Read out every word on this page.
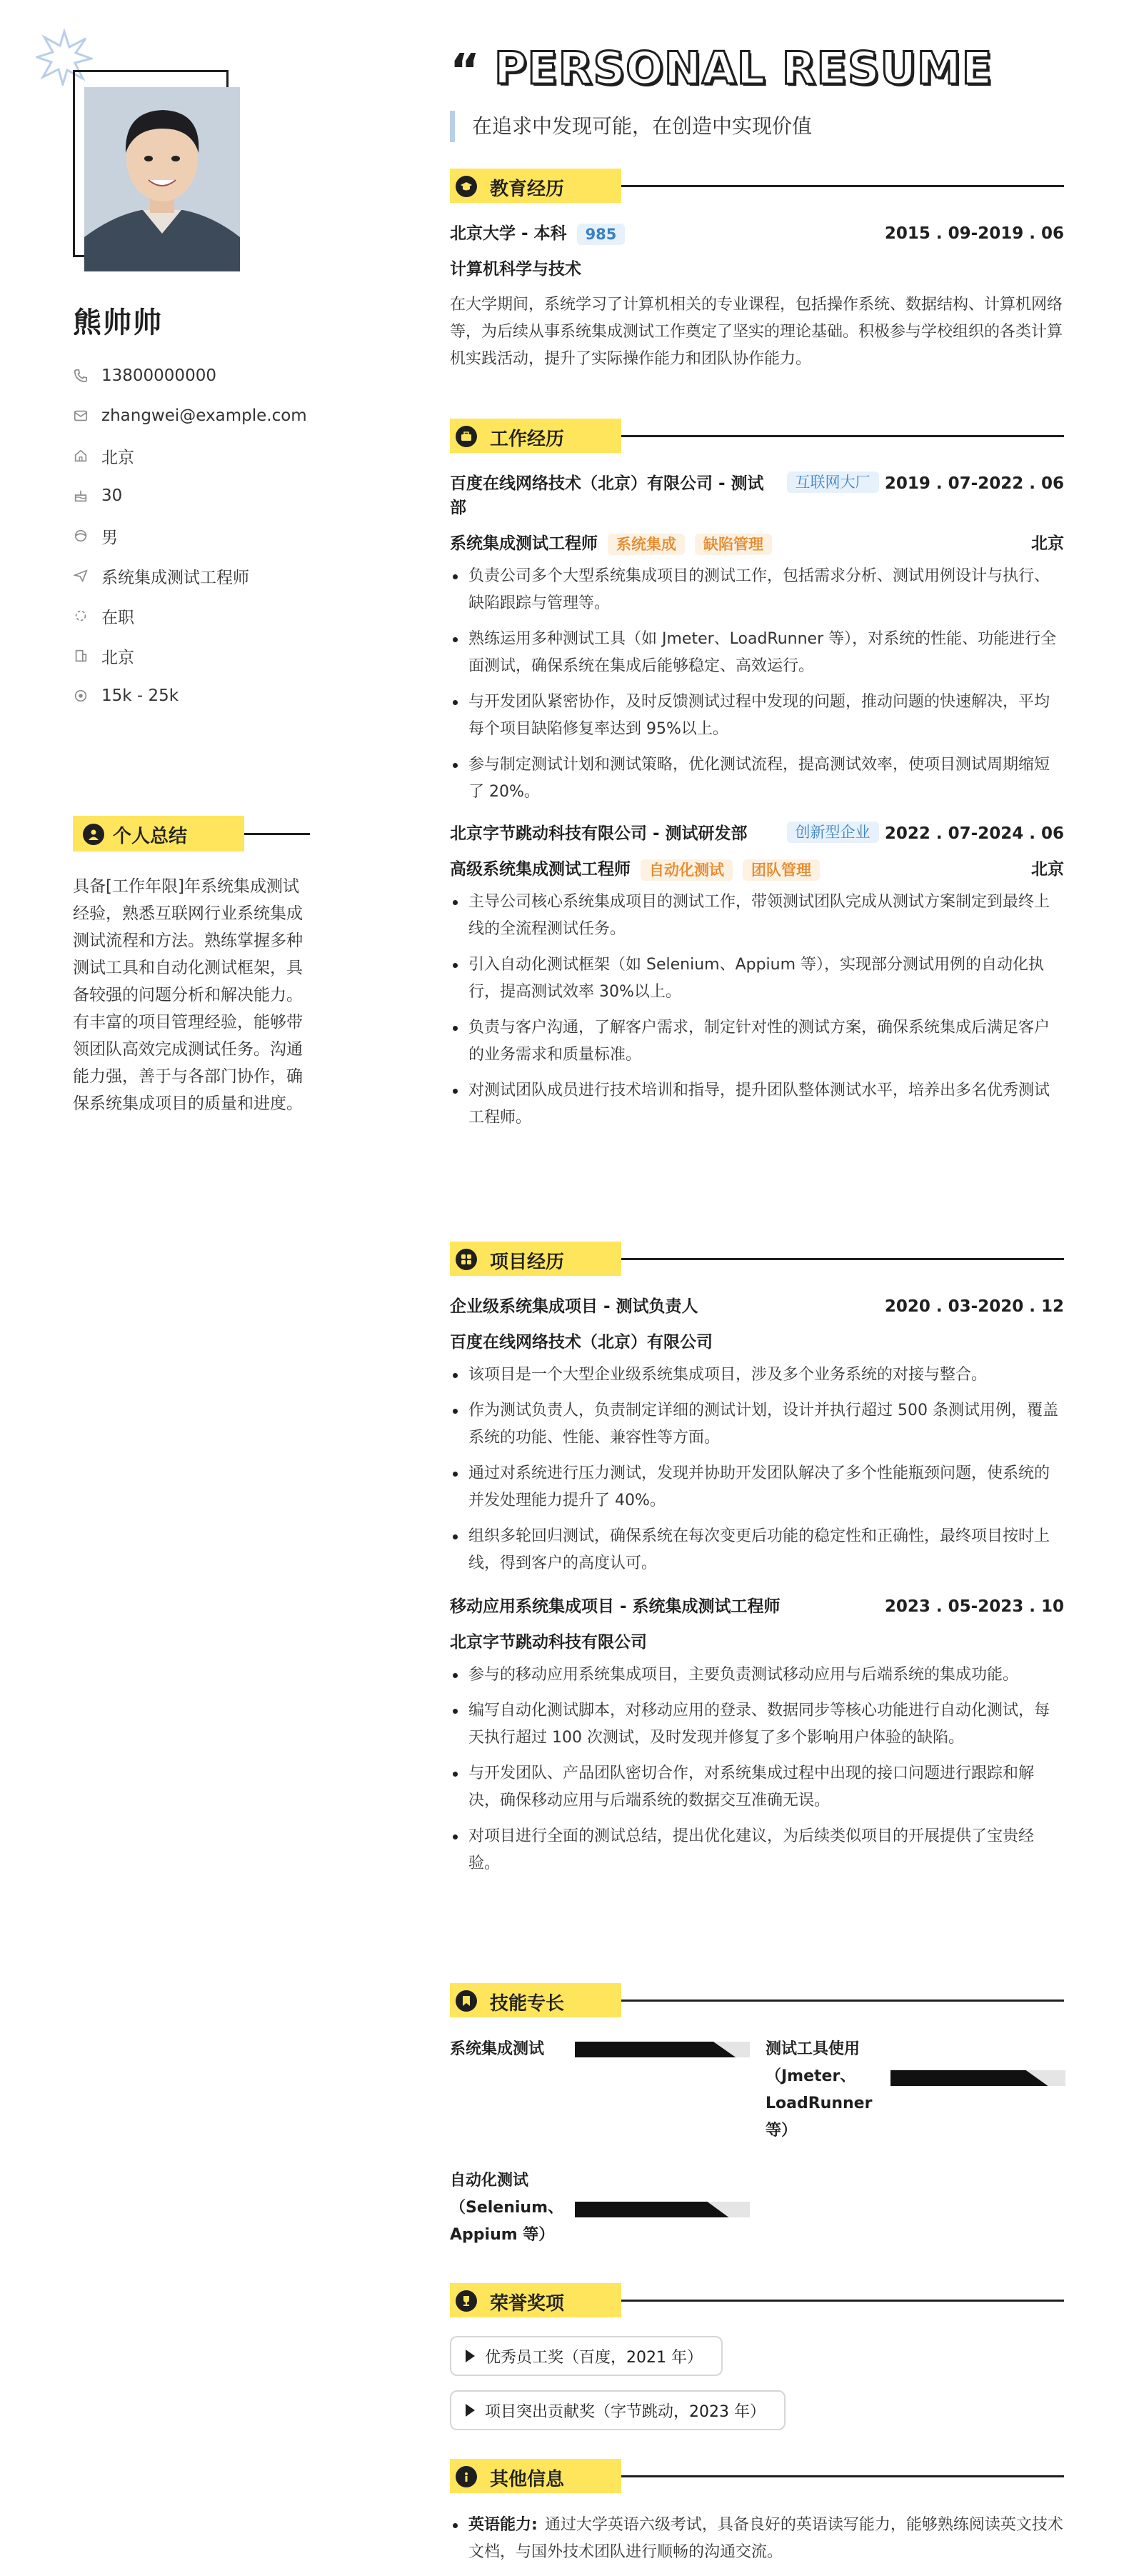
熊帅帅
13800000000
zhangwei@example.com
北京
30
男
系统集成测试工程师
在职
北京
15k - 25k
个人总结
具备[工作年限]年系统集成测试经验，熟悉互联网行业系统集成测试流程和方法。熟练掌握多种测试工具和自动化测试框架，具备较强的问题分析和解决能力。有丰富的项目管理经验，能够带领团队高效完成测试任务。沟通能力强，善于与各部门协作，确保系统集成项目的质量和进度。
“ PERSONAL RESUME
在追求中发现可能，在创造中实现价值
教育经历
北京大学 - 本科 985	2015 . 09-2019 . 06
计算机科学与技术
在大学期间，系统学习了计算机相关的专业课程，包括操作系统、数据结构、计算机网络等，为后续从事系统集成测试工作奠定了坚实的理论基础。积极参与学校组织的各类计算机实践活动，提升了实际操作能力和团队协作能力。
工作经历
百度在线网络技术（北京）有限公司 - 测试部
互联网大厂 2019 . 07-2022 . 06
系统集成测试工程师 系统集成 缺陷管理	北京
负责公司多个大型系统集成项目的测试工作，包括需求分析、测试用例设计与执行、缺陷跟踪与管理等。
熟练运用多种测试工具（如 Jmeter、LoadRunner 等），对系统的性能、功能进行全面测试，确保系统在集成后能够稳定、高效运行。
与开发团队紧密协作，及时反馈测试过程中发现的问题，推动问题的快速解决，平均每个项目缺陷修复率达到 95%以上。
参与制定测试计划和测试策略，优化测试流程，提高测试效率，使项目测试周期缩短了 20%。
北京字节跳动科技有限公司 - 测试研发部	创新型企业 2022 . 07-2024 . 06
高级系统集成测试工程师 自动化测试 团队管理	北京
主导公司核心系统集成项目的测试工作，带领测试团队完成从测试方案制定到最终上线的全流程测试任务。
引入自动化测试框架（如 Selenium、Appium 等），实现部分测试用例的自动化执行，提高测试效率 30%以上。
负责与客户沟通，了解客户需求，制定针对性的测试方案，确保系统集成后满足客户的业务需求和质量标准。
对测试团队成员进行技术培训和指导，提升团队整体测试水平，培养出多名优秀测试工程师。
项目经历
企业级系统集成项目 - 测试负责人	2020 . 03-2020 . 12
百度在线网络技术（北京）有限公司
该项目是一个大型企业级系统集成项目，涉及多个业务系统的对接与整合。
作为测试负责人，负责制定详细的测试计划，设计并执行超过 500 条测试用例，覆盖系统的功能、性能、兼容性等方面。
通过对系统进行压力测试，发现并协助开发团队解决了多个性能瓶颈问题，使系统的并发处理能力提升了 40%。
组织多轮回归测试，确保系统在每次变更后功能的稳定性和正确性，最终项目按时上线，得到客户的高度认可。
移动应用系统集成项目 - 系统集成测试工程师	2023 . 05-2023 . 10
北京字节跳动科技有限公司
参与的移动应用系统集成项目，主要负责测试移动应用与后端系统的集成功能。
编写自动化测试脚本，对移动应用的登录、数据同步等核心功能进行自动化测试，每天执行超过 100 次测试，及时发现并修复了多个影响用户体验的缺陷。
与开发团队、产品团队密切合作，对系统集成过程中出现的接口问题进行跟踪和解决，确保移动应用与后端系统的数据交互准确无误。
对项目进行全面的测试总结，提出优化建议，为后续类似项目的开展提供了宝贵经验。
技能专长
系统集成测试	测试工具使用（Jmeter、LoadRunner 等）
自动化测试（Selenium、Appium 等）
荣誉奖项
优秀员工奖（百度，2021 年）
项目突出贡献奖（字节跳动，2023 年）
其他信息
英语能力: 通过大学英语六级考试，具备良好的英语读写能力，能够熟练阅读英文技术文档，与国外技术团队进行顺畅的沟通交流。
